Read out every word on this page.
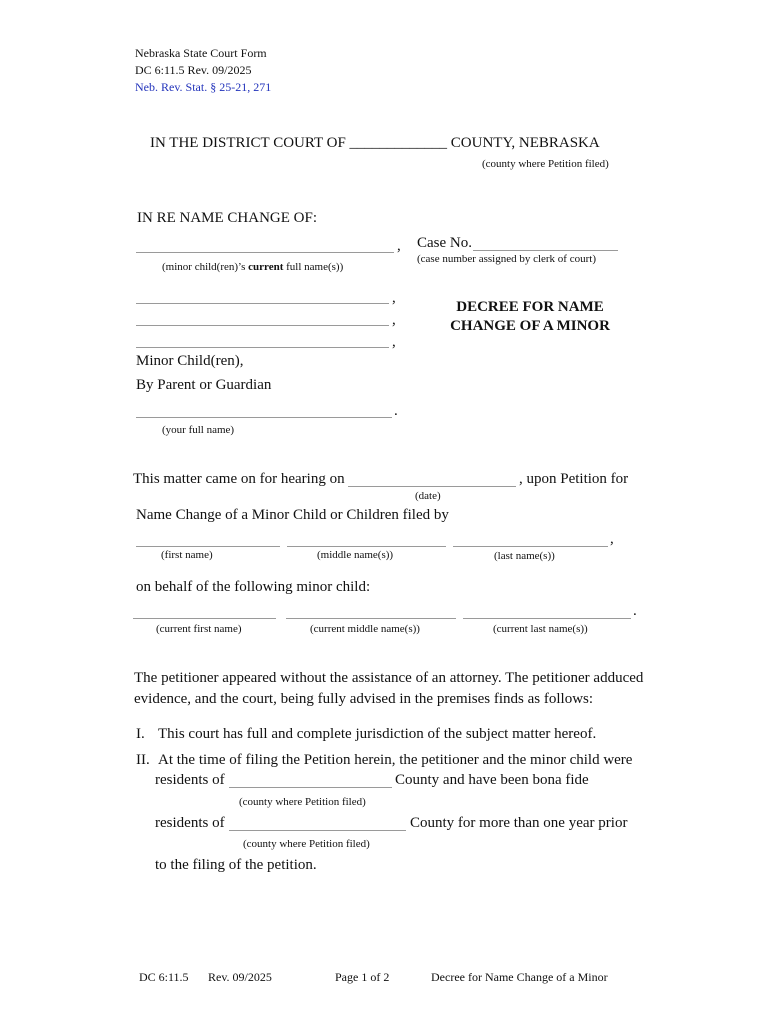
Nebraska State Court Form
DC 6:11.5 Rev. 09/2025
Neb. Rev. Stat. § 25-21, 271
IN THE DISTRICT COURT OF _____________ COUNTY, NEBRASKA
(county where Petition filed)
IN RE NAME CHANGE OF:
,
(minor child(ren)’s current full name(s))
Case No.
(case number assigned by clerk of court)
,
,
,
DECREE FOR NAME
CHANGE OF A MINOR
Minor Child(ren),
By Parent or Guardian
.
(your full name)
This matter came on for hearing on	, upon Petition for
(date)
Name Change of a Minor Child or Children filed by
,
(first name)	(middle name(s))	(last name(s))
on behalf of the following minor child:
.
(current first name)	(current middle name(s))	(current last name(s))
The petitioner appeared without the assistance of an attorney. The petitioner adduced
evidence, and the court, being fully advised in the premises finds as follows:
I. This court has full and complete jurisdiction of the subject matter hereof.
II. At the time of filing the Petition herein, the petitioner and the minor child were
residents of	County and have been bona fide
(county where Petition filed)
residents of	County for more than one year prior
(county where Petition filed)
to the filing of the petition.
DC 6:11.5 Rev. 09/2025	Page 1 of 2	Decree for Name Change of a Minor
